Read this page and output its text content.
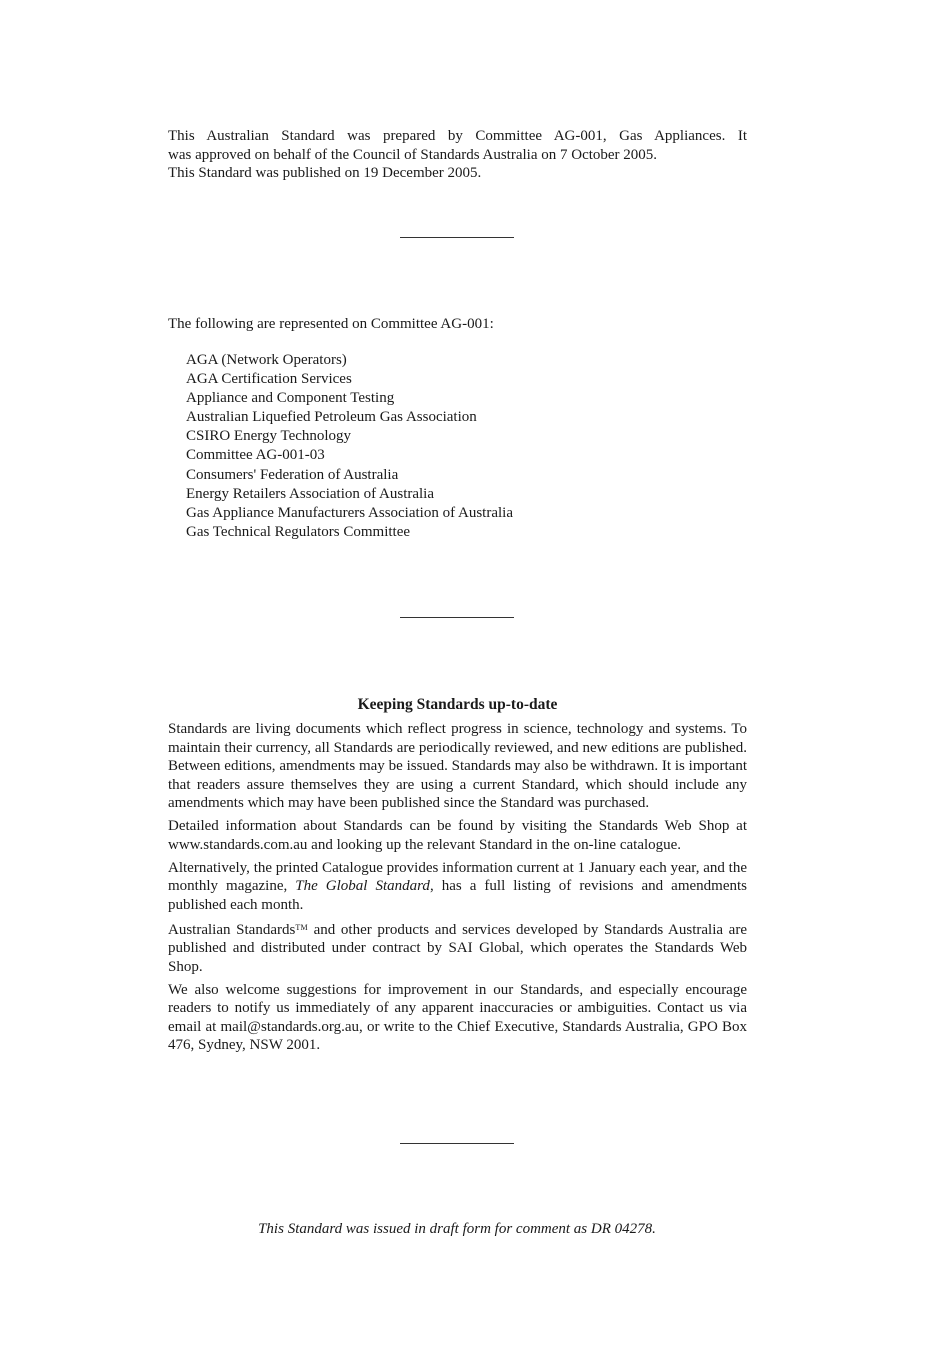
This Australian Standard was prepared by Committee AG-001, Gas Appliances. It
was approved on behalf of the Council of Standards Australia on 7 October 2005.
This Standard was published on 19 December 2005.
The following are represented on Committee AG-001:
AGA (Network Operators)
AGA Certification Services
Appliance and Component Testing
Australian Liquefied Petroleum Gas Association
CSIRO Energy Technology
Committee AG-001-03
Consumers' Federation of Australia
Energy Retailers Association of Australia
Gas Appliance Manufacturers Association of Australia
Gas Technical Regulators Committee
Keeping Standards up-to-date

Standards are living documents which reflect progress in science, technology and systems. To maintain their currency, all Standards are periodically reviewed, and new editions are published. Between editions, amendments may be issued. Standards may also be withdrawn. It is important that readers assure themselves they are using a current Standard, which should include any amendments which may have been published since the Standard was purchased.

Detailed information about Standards can be found by visiting the Standards Web Shop at www.standards.com.au and looking up the relevant Standard in the on-line catalogue.

Alternatively, the printed Catalogue provides information current at 1 January each year, and the monthly magazine, The Global Standard, has a full listing of revisions and amendments published each month.

Australian Standards™ and other products and services developed by Standards Australia are published and distributed under contract by SAI Global, which operates the Standards Web Shop.

We also welcome suggestions for improvement in our Standards, and especially encourage readers to notify us immediately of any apparent inaccuracies or ambiguities. Contact us via email at mail@standards.org.au, or write to the Chief Executive, Standards Australia, GPO Box 476, Sydney, NSW 2001.

This Standard was issued in draft form for comment as DR 04278.
